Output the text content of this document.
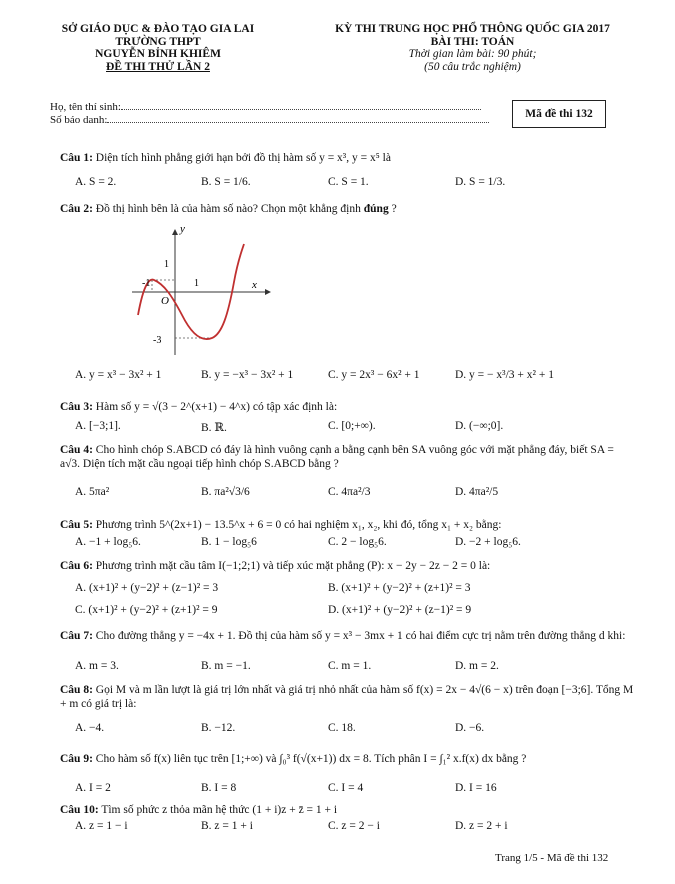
SỞ GIÁO DỤC & ĐÀO TẠO GIA LAI
TRƯỜNG THPT
NGUYỄN BỈNH KHIÊM
ĐỀ THI THỬ LẦN 2
KỲ THI TRUNG HỌC PHỔ THÔNG QUỐC GIA 2017
BÀI THI: TOÁN
Thời gian làm bài: 90 phút;
(50 câu trắc nghiệm)
Họ, tên thí sinh:
Số báo danh:	Mã đề thi 132
Câu 1: Diện tích hình phẳng giới hạn bởi đồ thị hàm số y = x³, y = x⁵ là
A. S = 2.	B. S = 1/6.	C. S = 1.	D. S = 1/3.
Câu 2: Đồ thị hình bên là của hàm số nào? Chọn một khẳng định đúng ?
y
x
O
-1	1
1
-3
A. y = x³ − 3x² + 1	B. y = −x³ − 3x² + 1	C. y = 2x³ − 6x² + 1	D. y = − x³/3 + x² + 1
Câu 3: Hàm số y = √(3 − 2^(x+1) − 4^x) có tập xác định là:
A. [−3;1].	B. ℝ.	C. [0;+∞).	D. (−∞;0].
Câu 4: Cho hình chóp S.ABCD có đáy là hình vuông cạnh a bằng cạnh bên SA vuông góc với mặt phẳng đáy, biết SA = a√3. Diện tích mặt cầu ngoại tiếp hình chóp S.ABCD bằng ?
A. 5πa²	B. πa²√3/6	C. 4πa²/3	D. 4πa²/5
Câu 5: Phương trình 5^(2x+1) − 13.5^x + 6 = 0 có hai nghiệm x₁, x₂, khi đó, tổng x₁ + x₂ bằng:
A. −1 + log₅6.	B. 1 − log₅6	C. 2 − log₅6.	D. −2 + log₅6.
Câu 6: Phương trình mặt cầu tâm I(−1;2;1) và tiếp xúc mặt phẳng (P): x − 2y − 2z − 2 = 0 là:
A. (x+1)² + (y−2)² + (z−1)² = 3	B. (x+1)² + (y−2)² + (z+1)² = 3
C. (x+1)² + (y−2)² + (z+1)² = 9	D. (x+1)² + (y−2)² + (z−1)² = 9
Câu 7: Cho đường thẳng y = −4x + 1. Đồ thị của hàm số y = x³ − 3mx + 1 có hai điểm cực trị nằm trên đường thẳng d khi:
A. m = 3.	B. m = −1.	C. m = 1.	D. m = 2.
Câu 8: Gọi M và m lần lượt là giá trị lớn nhất và giá trị nhỏ nhất của hàm số f(x) = 2x − 4√(6 − x) trên đoạn [−3;6]. Tổng M + m có giá trị là:
A. −4.	B. −12.	C. 18.	D. −6.
Câu 9: Cho hàm số f(x) liên tục trên [1;+∞) và ∫₀³ f(√(x+1)) dx = 8. Tích phân I = ∫₁² x.f(x) dx bằng ?
A. I = 2	B. I = 8	C. I = 4	D. I = 16
Câu 10: Tìm số phức z thỏa mãn hệ thức (1 + i)z + z̄ = 1 + i
A. z = 1 − i	B. z = 1 + i	C. z = 2 − i	D. z = 2 + i
Trang 1/5 - Mã đề thi 132
